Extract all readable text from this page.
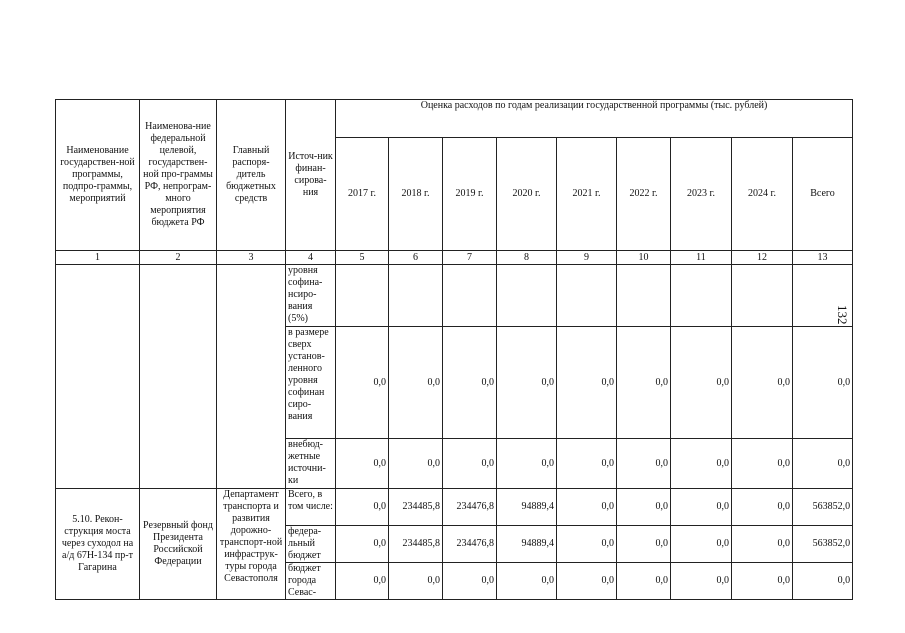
132
Наименование государствен-ной программы, подпро-граммы, мероприятий	Наименова-ние федеральной целевой, государствен-ной про-граммы РФ, непрограм-много мероприятия бюджета РФ	Главный распоря-дитель бюджетных средств	Источ-ник финан-сирова-ния	Оценка расходов по годам реализации государственной программы (тыс. рублей)								
				2017 г.	2018 г.	2019 г.	2020 г.	2021 г.	2022 г.	2023 г.	2024 г.	Всего
1	2	3	4	5	6	7	8	9	10	11	12	13
			уровня софина-нсиро-вания (5%)									
			в размере сверх установ-ленного уровня софинан сиро-вания	0,0	0,0	0,0	0,0	0,0	0,0	0,0	0,0	0,0
			внебюд-жетные источни-ки	0,0	0,0	0,0	0,0	0,0	0,0	0,0	0,0	0,0
5.10. Рекон-струкция моста через суходол на а/д 67Н-134 пр-т Гагарина	Резервный фонд Президента Российской Федерации	Департамент транспорта и развития дорожно-транспорт-ной инфраструк-туры города Севастополя	Всего, в том числе:	0,0	234485,8	234476,8	94889,4	0,0	0,0	0,0	0,0	563852,0
			федера-льный бюджет	0,0	234485,8	234476,8	94889,4	0,0	0,0	0,0	0,0	563852,0
			бюджет города Севас-	0,0	0,0	0,0	0,0	0,0	0,0	0,0	0,0	0,0
